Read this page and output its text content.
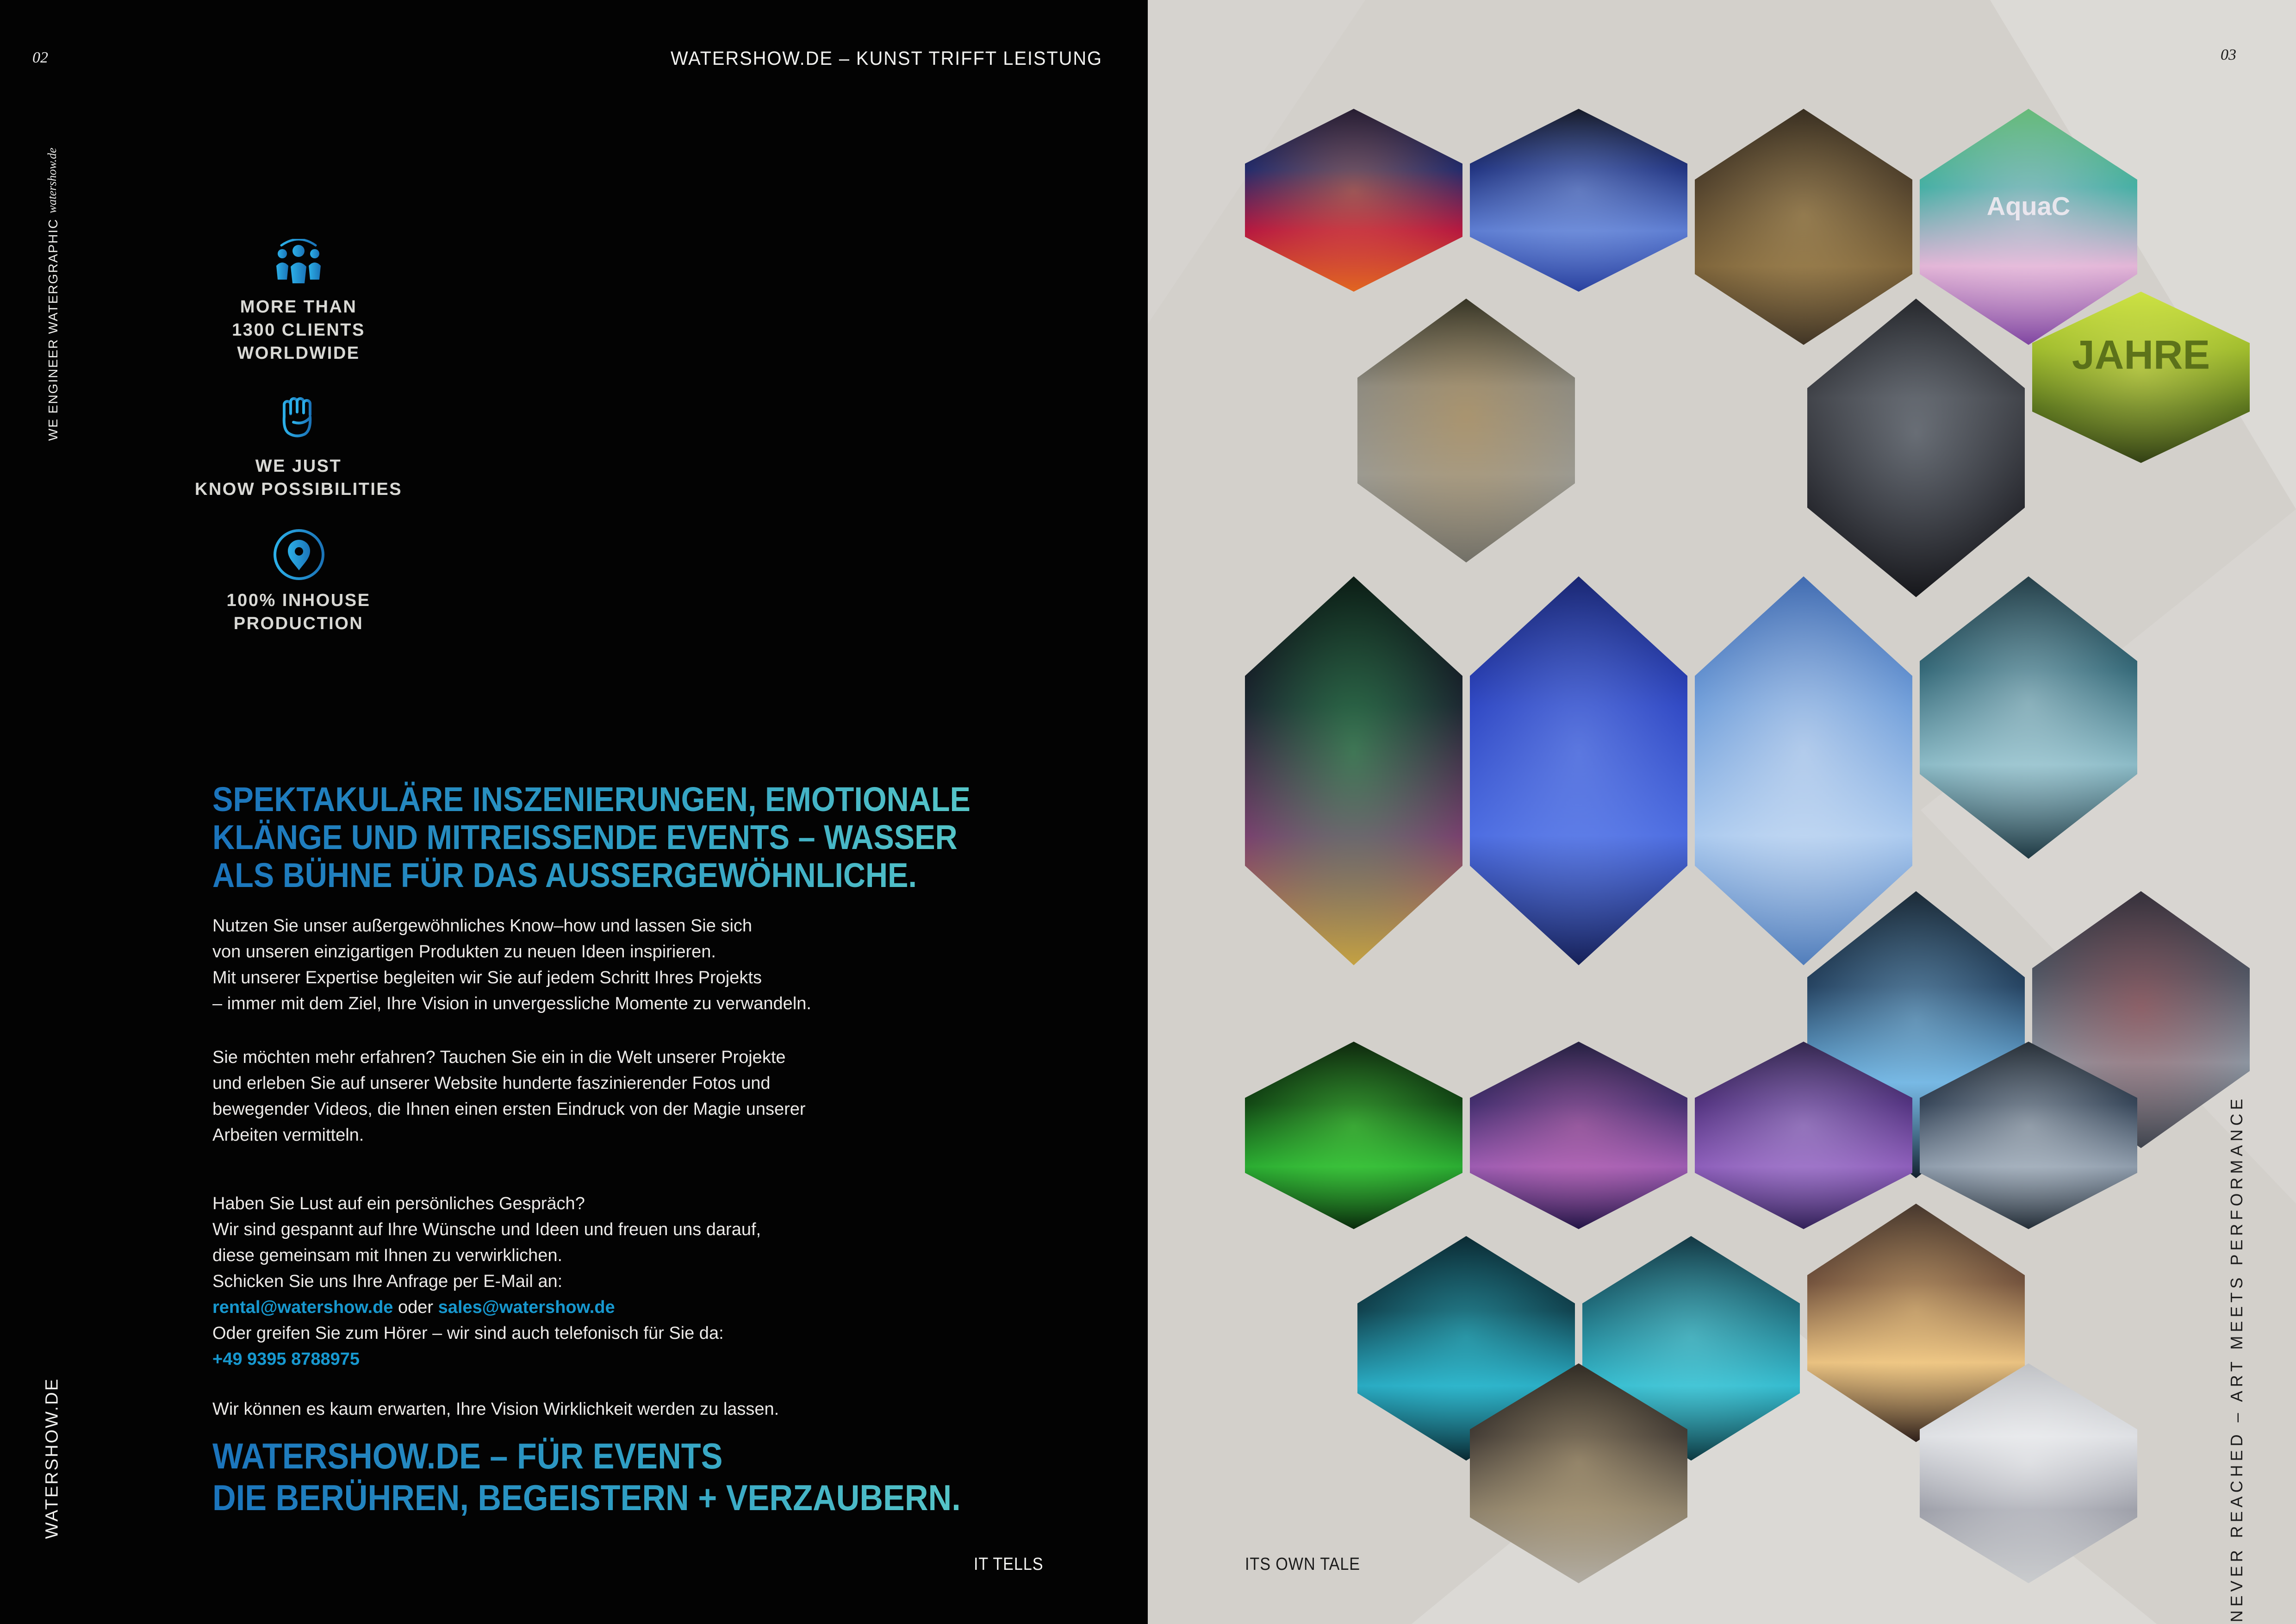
AquaC
JAHRE
02	WATERSHOW.DE – KUNST TRIFFT LEISTUNG
watershow.de
WE ENGINEER WATERGRAPHIC
WATERSHOW.DE
MORE THAN
1300 CLIENTS
WORLDWIDE
WE JUST
KNOW POSSIBILITIES
100% INHOUSE
PRODUCTION
SPEKTAKULÄRE INSZENIERUNGEN, EMOTIONALE
KLÄNGE UND MITREISSENDE EVENTS – WASSER
ALS BÜHNE FÜR DAS AUSSERGEWÖHNLICHE.
Nutzen Sie unser außergewöhnliches Know–how und lassen Sie sich
von unseren einzigartigen Produkten zu neuen Ideen inspirieren.
Mit unserer Expertise begleiten wir Sie auf jedem Schritt Ihres Projekts
– immer mit dem Ziel, Ihre Vision in unvergessliche Momente zu verwandeln.
Sie möchten mehr erfahren? Tauchen Sie ein in die Welt unserer Projekte
und erleben Sie auf unserer Website hunderte faszinierender Fotos und
bewegender Videos, die Ihnen einen ersten Eindruck von der Magie unserer
Arbeiten vermitteln.
Haben Sie Lust auf ein persönliches Gespräch?
Wir sind gespannt auf Ihre Wünsche und Ideen und freuen uns darauf,
diese gemeinsam mit Ihnen zu verwirklichen.
Schicken Sie uns Ihre Anfrage per E-Mail an:
rental@watershow.de oder sales@watershow.de
Oder greifen Sie zum Hörer – wir sind auch telefonisch für Sie da:
+49 9395 8788975
Wir können es kaum erwarten, Ihre Vision Wirklichkeit werden zu lassen.
WATERSHOW.DE – FÜR EVENTS
DIE BERÜHREN, BEGEISTERN + VERZAUBERN.
IT TELLS
03
ITS OWN TALE	NEVER REACHED – ART MEETS PERFORMANCE
